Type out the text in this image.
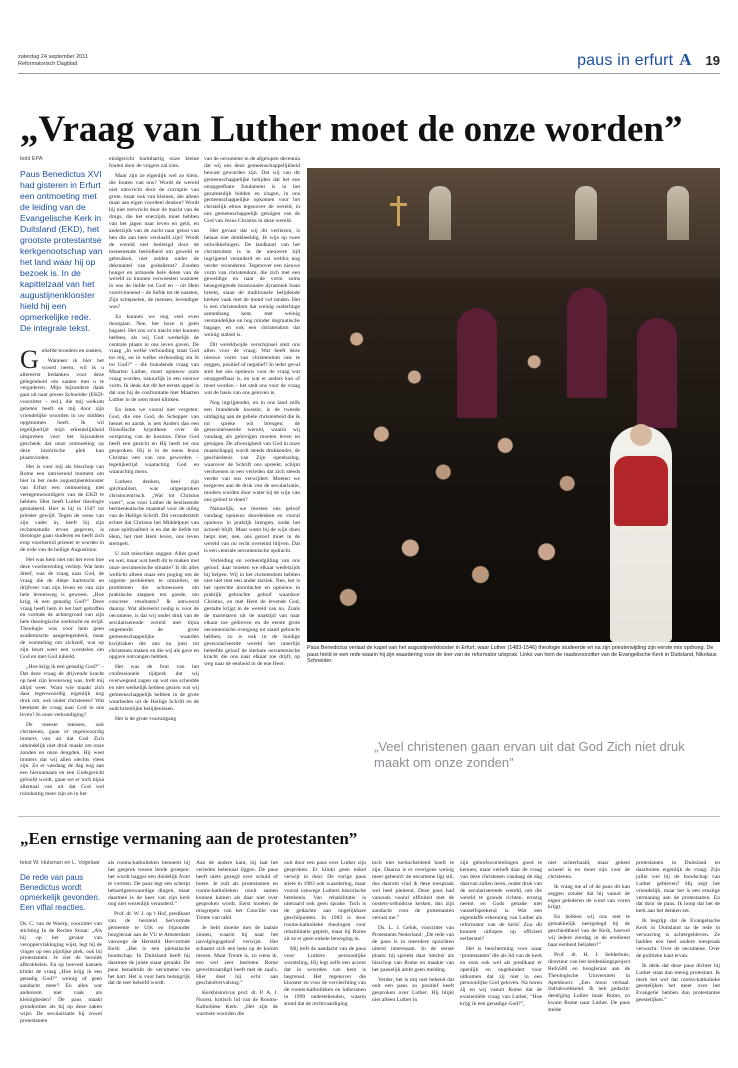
zaterdag 24 september 2011
Reformatorisch Dagblad	paus in erfurt A 19
„Vraag van Luther moet de onze worden”
bold EPA
Paus Benedictus XVI had gisteren in Erfurt een ontmoeting met de leiding van de Evangelische Kerk in Duitsland (EKD), het grootste protestantse kerkgenootschap van het land waar hij op bezoek is. In de kapittelzaal van het augustijnenklooster hield hij een opmerkelijke rede. De integrale tekst.

Geliefde broeders en zusters,

Wanneer ik hier het woord neem, wil ik u allereerst bedanken voor deze gelegenheid om samen met u te vergaderen. Mijn bijzondere dank gaat uit naar preses Schneider (EKD-voorzitter – red.), die mij welkom geheten heeft en mij door zijn vriendelijke woorden in uw midden opgenomen heeft. Ik wil tegelijkertijd mijn erkentelijkheid uitspreken voor het bijzondere geschenk dat onze ontmoeting op deze historische plek kan plaatsvinden.

Het is voor mij als bisschop van Rome een ontroerend moment om hier in het oude augustijnenklooster van Erfurt een ontmoeting met vertegenwoordigers van de EKD te hebben. Hier heeft Luther theologie gestudeerd. Hier is hij in 1507 tot priester gewijd. Tegen de wens van zijn vader in, heeft hij zijn rechtenstudie ervan gegeven, is theologie gaan studeren en heeft zich erop voorbereid priester te worden in de orde van de heilige Augustinus.

Het was hem niet om het even hoe deze voorbereiding verliep. Wat hem dreef, was de vraag naar God, de vraag die de diepe hartstocht en drijfveer van zijn leven en van zijn hele levensweg is geweest. „Hoe krijg ik een genadig God?” Deze vraag heeft hem in het hart getroffen en vormde de achtergrond van zijn hele theologische zoektocht en strijd. Theologie was voor hem geen academische aangelegenheid, maar de worsteling om zichzelf, wat op zijn beurt weer een worstelen om God en met God inhield.

„Hoe krijg ik een genadig God?” – Dat deze vraag de drijvende kracht op heel zijn levensweg was, treft mij altijd weer. Want wie maakt zich daar tegenwoordig eigenlijk nog druk om, ook onder christenen? Wat betekent de vraag naar God in ons leven? In onze verkondiging?

De meeste mensen, ook christenen, gaan er tegenwoordig immers van uit dat God Zich uiteindelijk niet druk maakt om onze zonden en onze deugden. Hij weet immers dat wij allen slechts vlees zijn. Zo er vandaag de dag nog aan een hiernamaals en een Godsgericht geloofd wordt, gaan we er toch bijna allemaal van uit dat God wel ruimhartig meer zijn en in het

eindgericht barmhartig onze kleine fouten door de vingers zal zien.

Maar zijn ze eigenlijk wel zo klein, die fouten van ons? Wordt de wereld niet ontwricht door de corruptie van grote, maar ook van kleinen, die alleen maar aan eigen voordeel denken? Wordt hij niet ontwricht door de macht van de drugs, die het enerzijds moet hebben van het jagen naar leven en geld, en anderzijds van de zucht naar genot van hen die aan hem verslaafd zijn? Wordt de wereld niet bedreigd door de toenemende bereidheid om geweld te gebruiken, niet zelden onder de dekmantel van godsdienst? Zouden honger en armoede hele delen van de wereld zo kunnen verwoesten wanneer in ons de liefde tot God en – uit Hem voortvloeiend – de liefde tot de naasten, Zijn schepselen, de mensen, levendiger was?

Zo kunnen we nog veel even doorgaan. Nee, het boze is geen bagatel. Het zou zo'n macht niet kunnen hebben, als wij God werkelijk de centrale plaats in ons leven gaven. De vraag „In welke verhouding staat God tot mij, en in welke verhouding sta ik tot God?” – die brandende vraag van Maarten Luther, moet opnieuw onze vraag worden, natuurlijk in een nieuwe vorm. Ik denk dat dit het eerste appel is dat ons bij de confrontatie met Maarten Luther in de oren moet klinken.

En laten we vooral niet vergeten: God, die ene God, de Schepper van hemel en aarde, is iets Anders dan een filosofische hypothese over de oorsprong van de kosmos. Deze God heeft een gezicht en Hij heeft tot ons gesproken. Hij is in de mens Jezus Christus een van ons geworden – tegelijkertijd waarachtig God en waarachtig mens.

Luthers denken, heel zijn spiritualiteit, was uitgesproken christocentrisch. „Wat tot Christus voert”, was voor Luther de beslissende hermeneutische maatstaf voor de uitleg van de Heilige Schrift. Dit veronderstelt echter dat Christus het Middelpunt van onze spiritualiteit is en dat de liefde tot Hem, het met Hem leven, ons leven stempelt.

U zult misschien zeggen: Alles goed en wel, maar wat heeft dit te maken met onze oecumenische situatie? Is dit alles wellicht alleen maar een poging om de urgente problemen te omzeilen, de problemen die schreeuwen om praktische stappen ten goede, om concrete resultaten? Ik antwoord daarop: Wat allereerst nodig is voor de oecumene, is dat wij onder druk van de seculariserende wereld niet bijna ongemerkt de grote gemeenschappelijke waarden kwijtraken die ons nu juist tot christenen maken en die wij als gave en opgave ontvangen hebben.

Het was de fout van het confessionele tijdperk dat wij overwegend zagen op wat ons scheidde en niet werkelijk hebben gezien wat wij gemeenschappelijk hebben in de grote waarheden uit de Heilige Schrift en de oudchristelijke belijdenissen.

Het is de grote vooruitgang

van de oecumene in de afgelopen decennia dat wij ons deze gemeenschappelijkheid bewust geworden zijn. Dat wij van dit gemeenschappelijke belijden dat het ene onopgeefbare fundament is in het gezamenlijk bidden en zingen, in ons gemeenschappelijke opkomen voor het christelijk ethos tegenover de wereld, in ons gemeenschappelijk getuigen van de God van Jezus Christus in deze wereld.

Het gevaar dat wij dit verliezen, is helaas niet denkbeeldig. Ik wijs op twee ontwikkelingen. De landkaart van het christendom is in de nieuwere tijd ingrijpend veranderd en zal weldra nog verder veranderen. Tegenover een nieuwe vorm van christendom, die zich met een geweldige en naar de vorm soms beangstigende missionaire dynamiek baan breekt, staan de traditionele belijdende kerken vaak met de mond vol tanden. Het is een christendom dat weinig onderlinge samenhang kent, met weinig verstandelijke en nog minder dogmatische bagage, en ook een christendom dat weinig stabiel is.

Dit wereldwijde verschijnsel stelt ons allen voor de vraag: Wat heeft deze nieuwe vorm van christendom ons te zeggen, positief of negatief? In ieder geval stelt het ons opnieuw voor de vraag wat onopgeefbaar is, en wat er anders kan of moet worden – het stelt ons voor de vraag wat de basis van ons geloven is.

Nog ingrijpender, en in ons land zelfs een brandende kwestie, is de tweede uitdaging aan de gehele christenheid die ik tot spreke wil brengen: de geseculariseerde wereld, waarin wij vandaag als gelovigen moeten leven en getuigen. De afwezigheid van God in onze maatschappij wordt steeds drukkender, de geschiedenis van Zijn openbaring, waarover de Schrift ons spreekt, schijnt verdwenen in een verleden dat zich steeds verder van ons verwijdert. Moeten we toegeven aan de druk van de secularisatie, modern worden door water bij de wijn van ons geloof te doen?

Natuurlijk, we moeten ons geloof vandaag opnieuw doordenken en vooral opnieuw in praktijk brengen, zodat het actueel blijft. Maar water bij de wijn doen helpt niet, nee, ons geloof moet in de wereld van nu recht overeind blijven. Dat is een centrale oecumenische opdracht.

Verleiding en verleendgilling van ons geloof, daar moeten we elkaar wederzijds bij helpen. Wij in het christendom hebben niet niet met een ander tactiek. Nee, het is het oprechte doordachte en opnieuw in praktijk gebrachte geloof waardoor Christus, en met Hem de levende God, gestalte krijgt in de wereld van nu. Zoals de martelaren uit de naaktijd van naar elkaar toe gedreven en de eerste grote oecumenische overgang tot stand gebracht hebben, zo is ook in de huidige geseculariseerde wereld het innerlijk beleefde geloof de sterkste oecumenische kracht die ons naar elkaar toe drijft, op weg naar de eenheid in de ene Heer.

Paus Benedictus verlaat de kapel van het augustijnenklooster in Erfurt, waar Luther (1483-1546) theologie studeerde en na zijn priesterwijding zijn eerste mis opdroeg. De paus hield er een rede waarin hij zijn waardering voor de leer van de reformator uitsprak. Links van hem de raadsvoorzitter van de Evangelische Kerk in Duitsland, Nikolaus Schneider.
„Veel christenen gaan ervan uit dat God Zich niet druk maakt om onze zonden”
„Een ernstige vermaning aan de protestanten”
tekst W. Hulsman en L. Vogelaar
De rede van paus Benedictus wordt opmerkelijk gevonden. Een viftal reacties.

Ds. C. van de Woerp, voorzitter van stichting In de Rechte Straat: „Als hij op het gevaar van veroppervlakkiging wijst, legt hij de vinger op een pijnlijke plek, ook bij protestanten. Je ziet de heroïek afbrokkelen. En op hoeveel kansels klinkt de vraag „Hoe krijg ik een genadig God?” weinig of geen aandacht meer? En alles wat andersom niet vaak als kleinigheden? De paus maakt grondnoties als bij op deze zaken wijst. De secularisatie bij zowel protestanten

als rooms-katholieken benoemt hij het gesprek tussen beide groepen: het wordt bagger een duidelijk front te vormen. De paus legt een scherpt behartigenswaardige dingen, maar daarmee is de keer van zijn kerk nog niet wezenlijk veranderd.”

Prof. dr. W. J. op 't Hof, predikant van de hersteld hervormde gemeente te Urk en bijzonder hoogleraar aan de VU te Amsterdam vanwege de Hersteld Hervormde Kerk: „Het is een pietistische boodschap. In Duitsland heeft hij daarmee de juiste snaar geraakt. De paus benadrukt de oecumene van het hart. Het is voor hem belangrijk dat de leer beleefd wordt.

Aan de andere kant, hij laat het verleden helemaal liggen. De paus heeft niets gezegd over schuld of boete. Je zult als protestanten en rooms-katholieken nooit samen kunnen komen als daar niet over gesproken wordt. Eerst moeten de misgrepen van het Concilie van Trente van tafel.

Je hebt moeite met de laatste zinnen, waarin hij naar het navolgingsgeloof verwijst. Het schaamt zich een hem op de kolom mezen. Maar Trente is, zo wens ik, een wel zeer besloten Rome gerechtvaardigd heeft met de zaal's. Hier doet hij echt aan geschiedvervalsing.”

Kerkhistoricus prof. dr. P. A. J. Noorst, kritisch lid van de Rooms-Katholieke Kerk: „Het zijn de warmste woorden die

ooit door een paus over Luther zijn gesproken. Er klinkt geen enkel verwijt in door. De vorige paus stiete in 1983 ook waardering, maar vooral vanwege Luthers historische betekenis. Van rehabilitatie is uiteraard ook geen sprake. Toch is de gedachte aan ongelijkbare geschilpunten. In 1983 is door rooms-katholieke theologen voor rehabilitatie gepleit, maar bij Rome zit ze er geen enkele beweging in.

Mij treft de aandacht van de paus voor Luthers persoonlijke worsteling. Hij legt zelfs een accent dat in woorden van hem is begrensd. Het tegenover die klooster en voor de vervlechting van de rooms-katholieken en lutheranen in 1999 ondertekenden, waarin stond dat de rechtvaardiging

toch niet kerkscheidend hoeft te zijn. Daarna is er overigens weinig meer gebeurd: de oecumene ligt stil, dus daarom vind ik deze toespraak wel heel pleitend. Deze paus had vanouds vooral affiniteit met de oosters-orthodoxe kerken, dus zijn aandacht voor de protestanten verrast me.”

Ds. L. J. Geluk, voorzitter van Protestants Nederland: „De rede van de paus is in meerdere opzichten uiterst interessant. In de eerste plaats: hij spreekt daar 'slechts' als bisschop van Rome en maakte van het pauselijk ambt geen melding.

Verder, het is mij niet bekend dat ooit een paus zo positief heeft gesproken over Luther. Hij blijkt niet alleen Luther in

zijn geloofsworstelingen goed te kennen, maar verheft daar de vraag van deze christenen vandaag de dag daarvan zullen leren, onder druk van de seculariserende wereld, om die wereld te gronde richten, ernstig neemt en Gods genade niet vanzelfsprekend is. Wat een eigendaffe erkenning van Luther als reformator van de kerk! Zou dit kunnen uitlopen op officieel eerherstel?

Het is bescherming voor waar ‘protestanten’ die als lid van de kerk en sons ook wel als predikant er openlijk en ongehindert voor uitkomen dat zij niet in een persoonlijke God geloven. Na horen zij en wij vanuit Rome dat de existentiële vraag van Luther, “Hoe krijg ik een genadige God?”,

niet achterhaald, maar geheel actueel is en moet zijn voor de christenen.

Ik vraag me af of de paus dit kan zeggen zonder dat hij vanuit de eigen gelederen de wind van voren krijgt.

En hebben wij ons niet te gemakkelijk neergelegd bij de geschiedtheid van de Kerk, hoewel wij iedere zondag in de eredienst haar eenheid belijden?”

Prof. dr. H. J. Selderhuis, directeur van het heidenkingsproject Refo500 en hoogleraar aan de Theologische Universiteit in Apeldoorn: „Een mooi verhaal. Indrukwekkend. Ik heb gedacht: deed/ging Luther maar Rome, zo kwam Rome naar Luther. De paus stelde

protestanten in Duitsland en daarbuiten eigenlijk de vraag: Zijn jullie wel bij de boodschap van Luther gebleven? Hij zegt het vriendelijk, maar het is een ernstige vermaning aan de protestanten. En dat door de paus. Ik hoop dat het de kerk aan het denken zet.

Ik begrijp dat de Evangelische Kerk in Duitsland na de rede in verwarring is achtergebleven. Ze hadden een heel andere toespraak verwacht. Over de oecumene. Over de politieke kant ervan.

Ik denk dat deze paus dichter bij Luther staat dan menig protestant. Ik merk het wel dat rooms-katholieke geestelijken het meer over het Evangelie hebben dan protestantse geestelijken.”
